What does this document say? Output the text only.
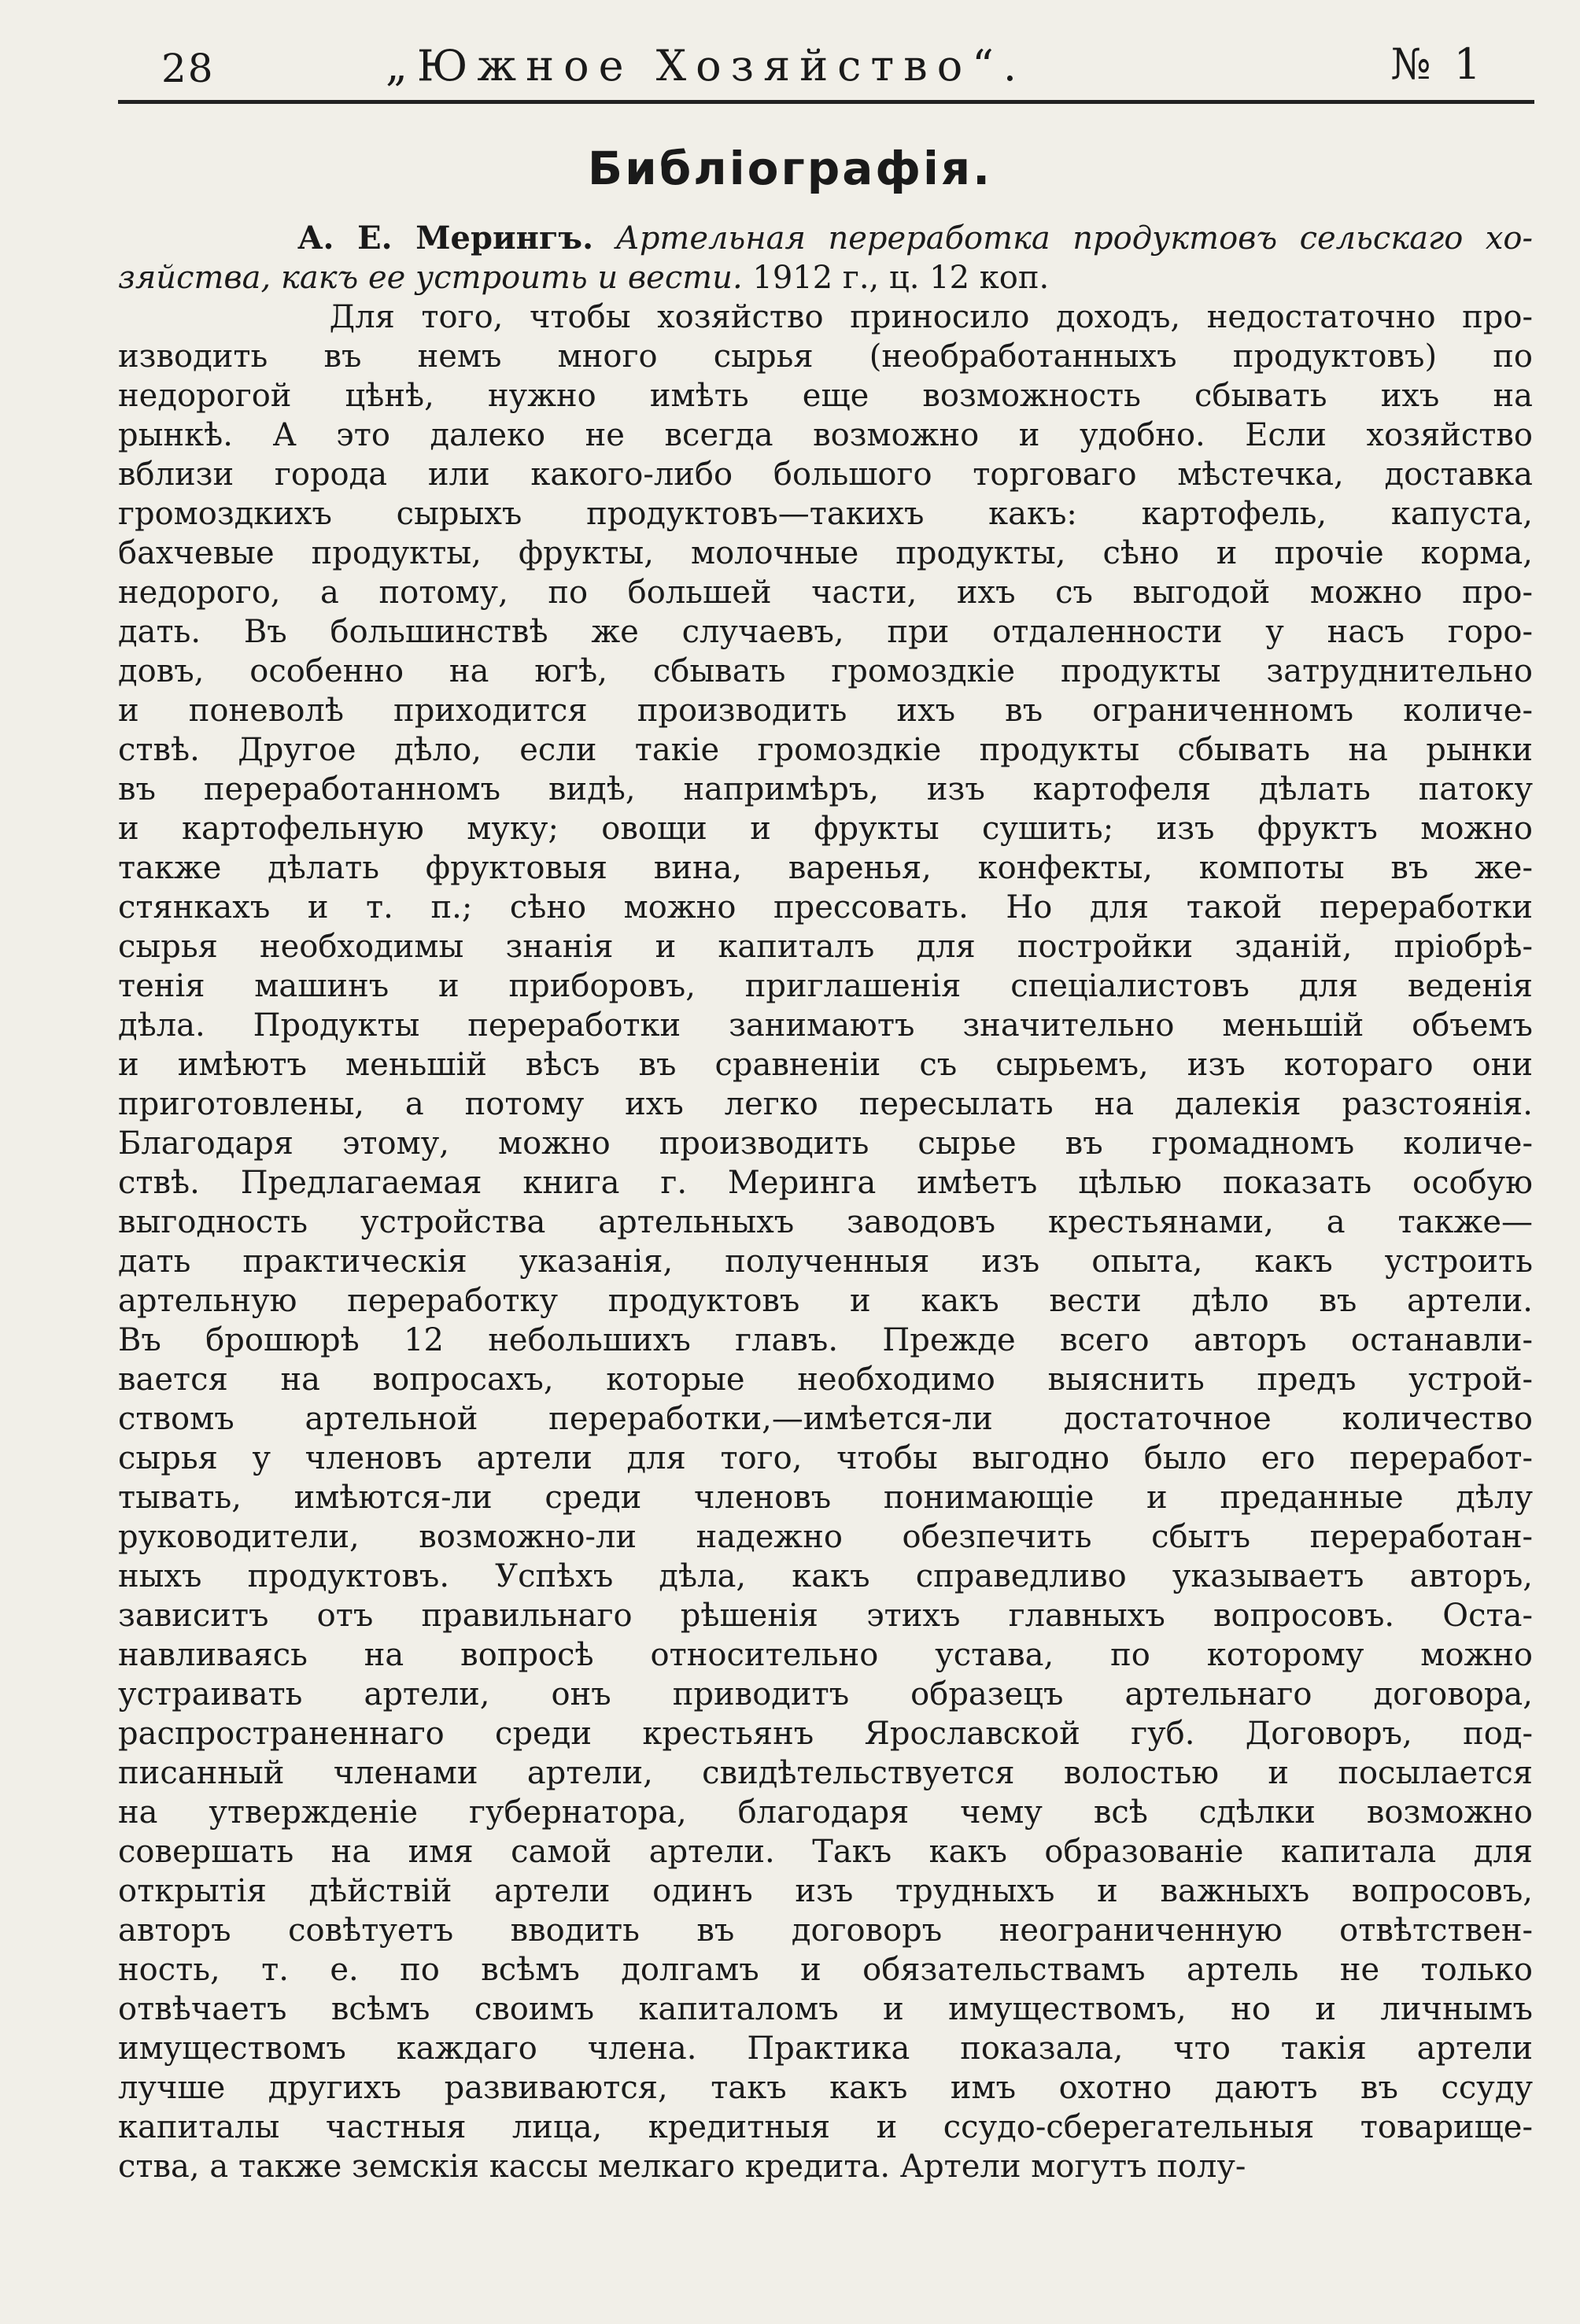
28	„Южное Хозяйство“.	№ 1
Библіографія.
А. Е. Мерингъ. Артельная переработка продуктовъ сельскаго хо-
зяйства, какъ ее устроить и вести. 1912 г., ц. 12 коп.
Для того, чтобы хозяйство приносило доходъ, недостаточно про-
изводить въ немъ много сырья (необработанныхъ продуктовъ) по
недорогой цѣнѣ, нужно имѣть еще возможность сбывать ихъ на
рынкѣ. А это далеко не всегда возможно и удобно. Если хозяйство
вблизи города или какого-либо большого торговаго мѣстечка, доставка
громоздкихъ сырыхъ продуктовъ—такихъ какъ: картофель, капуста,
бахчевые продукты, фрукты, молочные продукты, сѣно и прочіе корма,
недорого, а потому, по большей части, ихъ съ выгодой можно про-
дать. Въ большинствѣ же случаевъ, при отдаленности у насъ горо-
довъ, особенно на югѣ, сбывать громоздкіе продукты затруднительно
и поневолѣ приходится производить ихъ въ ограниченномъ количе-
ствѣ. Другое дѣло, если такіе громоздкіе продукты сбывать на рынки
въ переработанномъ видѣ, напримѣръ, изъ картофеля дѣлать патоку
и картофельную муку; овощи и фрукты сушить; изъ фруктъ можно
также дѣлать фруктовыя вина, варенья, конфекты, компоты въ же-
стянкахъ и т. п.; сѣно можно прессовать. Но для такой переработки
сырья необходимы знанія и капиталъ для постройки зданій, пріобрѣ-
тенія машинъ и приборовъ, приглашенія спеціалистовъ для веденія
дѣла. Продукты переработки занимаютъ значительно меньшій объемъ
и имѣютъ меньшій вѣсъ въ сравненіи съ сырьемъ, изъ котораго они
приготовлены, а потому ихъ легко пересылать на далекія разстоянія.
Благодаря этому, можно производить сырье въ громадномъ количе-
ствѣ. Предлагаемая книга г. Меринга имѣетъ цѣлью показать особую
выгодность устройства артельныхъ заводовъ крестьянами, а также—
дать практическія указанія, полученныя изъ опыта, какъ устроить
артельную переработку продуктовъ и какъ вести дѣло въ артели.
Въ брошюрѣ 12 небольшихъ главъ. Прежде всего авторъ останавли-
вается на вопросахъ, которые необходимо выяснить предъ устрой-
ствомъ артельной переработки,—имѣется-ли достаточное количество
сырья у членовъ артели для того, чтобы выгодно было его переработ-
тывать, имѣются-ли среди членовъ понимающіе и преданные дѣлу
руководители, возможно-ли надежно обезпечить сбытъ переработан-
ныхъ продуктовъ. Успѣхъ дѣла, какъ справедливо указываетъ авторъ,
зависитъ отъ правильнаго рѣшенія этихъ главныхъ вопросовъ. Оста-
навливаясь на вопросѣ относительно устава, по которому можно
устраивать артели, онъ приводитъ образецъ артельнаго договора,
распространеннаго среди крестьянъ Ярославской губ. Договоръ, под-
писанный членами артели, свидѣтельствуется волостью и посылается
на утвержденіе губернатора, благодаря чему всѣ сдѣлки возможно
совершать на имя самой артели. Такъ какъ образованіе капитала для
открытія дѣйствій артели одинъ изъ трудныхъ и важныхъ вопросовъ,
авторъ совѣтуетъ вводить въ договоръ неограниченную отвѣтствен-
ность, т. е. по всѣмъ долгамъ и обязательствамъ артель не только
отвѣчаетъ всѣмъ своимъ капиталомъ и имуществомъ, но и личнымъ
имуществомъ каждаго члена. Практика показала, что такія артели
лучше другихъ развиваются, такъ какъ имъ охотно даютъ въ ссуду
капиталы частныя лица, кредитныя и ссудо-сберегательныя товарище-
ства, а также земскія кассы мелкаго кредита. Артели могутъ полу-
